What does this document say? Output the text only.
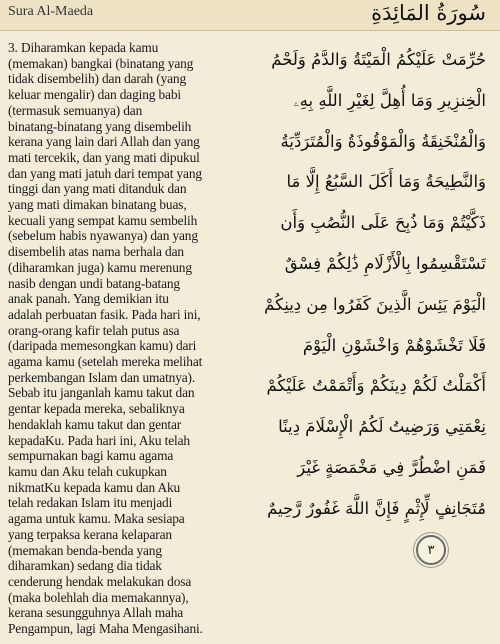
Sura Al-Maeda	سُورَةُ المَائِدَةِ
3. Diharamkan kepada kamu
(memakan) bangkai (binatang yang
tidak disembelih) dan darah (yang
keluar mengalir) dan daging babi
(termasuk semuanya) dan
binatang-binatang yang disembelih
kerana yang lain dari Allah dan yang
mati tercekik, dan yang mati dipukul
dan yang mati jatuh dari tempat yang
tinggi dan yang mati ditanduk dan
yang mati dimakan binatang buas,
kecuali yang sempat kamu sembelih
(sebelum habis nyawanya) dan yang
disembelih atas nama berhala dan
(diharamkan juga) kamu merenung
nasib dengan undi batang-batang
anak panah. Yang demikian itu
adalah perbuatan fasik. Pada hari ini,
orang-orang kafir telah putus asa
(daripada memesongkan kamu) dari
agama kamu (setelah mereka melihat
perkembangan Islam dan umatnya).
Sebab itu janganlah kamu takut dan
gentar kepada mereka, sebaliknya
hendaklah kamu takut dan gentar
kepadaKu. Pada hari ini, Aku telah
sempurnakan bagi kamu agama
kamu dan Aku telah cukupkan
nikmatKu kepada kamu dan Aku
telah redakan Islam itu menjadi
agama untuk kamu. Maka sesiapa
yang terpaksa kerana kelaparan
(memakan benda-benda yang
diharamkan) sedang dia tidak
cenderung hendak melakukan dosa
(maka bolehlah dia memakannya),
kerana sesungguhnya Allah maha
Pengampun, lagi Maha Mengasihani.
حُرِّمَتْ عَلَيْكُمُ الْمَيْتَةُ وَالدَّمُ وَلَحْمُ
الْخِنزِيرِ وَمَا أُهِلَّ لِغَيْرِ اللَّهِ بِهِۦ
وَالْمُنْخَنِقَةُ وَالْمَوْقُوذَةُ وَالْمُتَرَدِّيَةُ
وَالنَّطِيحَةُ وَمَا أَكَلَ السَّبُعُ إِلَّا مَا
ذَكَّيْتُمْ وَمَا ذُبِحَ عَلَى النُّصُبِ وَأَن
تَسْتَقْسِمُوا بِالْأَزْلَامِ ذَٰلِكُمْ فِسْقٌ
الْيَوْمَ يَئِسَ الَّذِينَ كَفَرُوا مِن دِينِكُمْ
فَلَا تَخْشَوْهُمْ وَاخْشَوْنِ الْيَوْمَ
أَكْمَلْتُ لَكُمْ دِينَكُمْ وَأَتْمَمْتُ عَلَيْكُمْ
نِعْمَتِي وَرَضِيتُ لَكُمُ الْإِسْلَامَ دِينًا
فَمَنِ اضْطُرَّ فِي مَخْمَصَةٍ غَيْرَ
مُتَجَانِفٍ لِّإِثْمٍ فَإِنَّ اللَّهَ غَفُورٌ رَّحِيمٌ
٣
